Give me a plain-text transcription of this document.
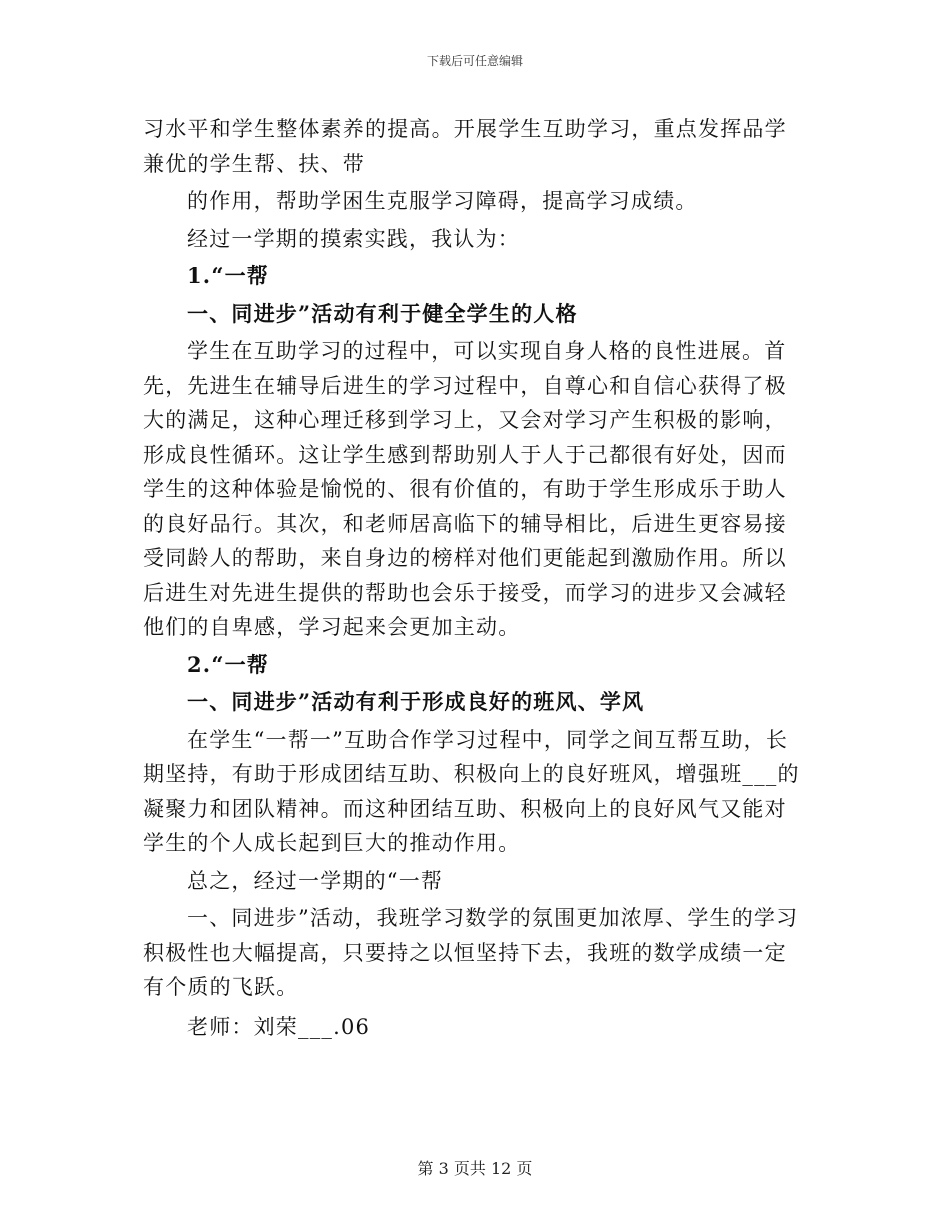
下载后可任意编辑

习水平和学生整体素养的提高。开展学生互助学习，重点发挥品学兼优的学生帮、扶、带

的作用，帮助学困生克服学习障碍，提高学习成绩。

经过一学期的摸索实践，我认为：

1.“一帮

一、同进步”活动有利于健全学生的人格

学生在互助学习的过程中，可以实现自身人格的良性进展。首先，先进生在辅导后进生的学习过程中，自尊心和自信心获得了极大的满足，这种心理迁移到学习上，又会对学习产生积极的影响，形成良性循环。这让学生感到帮助别人于人于己都很有好处，因而学生的这种体验是愉悦的、很有价值的，有助于学生形成乐于助人的良好品行。其次，和老师居高临下的辅导相比，后进生更容易接受同龄人的帮助，来自身边的榜样对他们更能起到激励作用。所以后进生对先进生提供的帮助也会乐于接受，而学习的进步又会减轻他们的自卑感，学习起来会更加主动。

2.“一帮

一、同进步”活动有利于形成良好的班风、学风

在学生“一帮一”互助合作学习过程中，同学之间互帮互助，长期坚持，有助于形成团结互助、积极向上的良好班风，增强班___的凝聚力和团队精神。而这种团结互助、积极向上的良好风气又能对学生的个人成长起到巨大的推动作用。

总之，经过一学期的“一帮

一、同进步”活动，我班学习数学的氛围更加浓厚、学生的学习积极性也大幅提高，只要持之以恒坚持下去，我班的数学成绩一定有个质的飞跃。

老师：刘荣___.06

第 3 页共 12 页
